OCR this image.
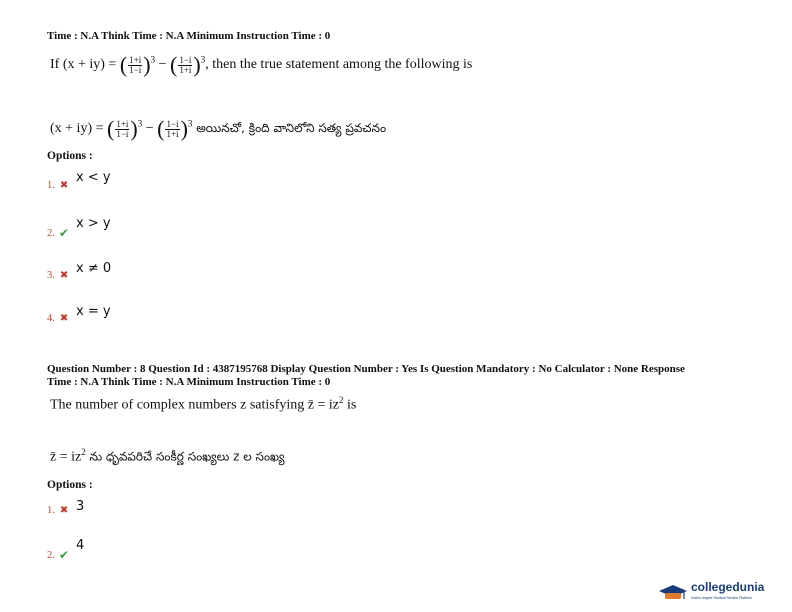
Time : N.A Think Time : N.A Minimum Instruction Time : 0
If (x + iy) = ( $\frac{1+i}{1-i} )^3$ − ( $\frac{1-i}{1+i} )^3$, then the true statement among the following is
(x + iy) = ( $\frac{1+i}{1-i} )^3$ − ( $\frac{1-i}{1+i} )^3$ అయినచో, క్రింది వానిలోని సత్య ప్రవచనం
Options :
1. ✖
x < y
2. ✔
x > y
3. ✖ x ≠ 0
4. ✖ x = y
Question Number : 8 Question Id : 4387195768 Display Question Number : Yes Is Question Mandatory : No Calculator : None Response
Time : N.A Think Time : N.A Minimum Instruction Time : 0
The number of complex numbers z satisfying z̄ = $iz^2$ is
z̄ = $iz^2$ ను ధృవపరిచే సంకీర్ణ సంఖ్యలు z ల సంఖ్య
Options :
1. ✖ 3
2. ✔
4
collegedunia
India's largest Student Review Platform
